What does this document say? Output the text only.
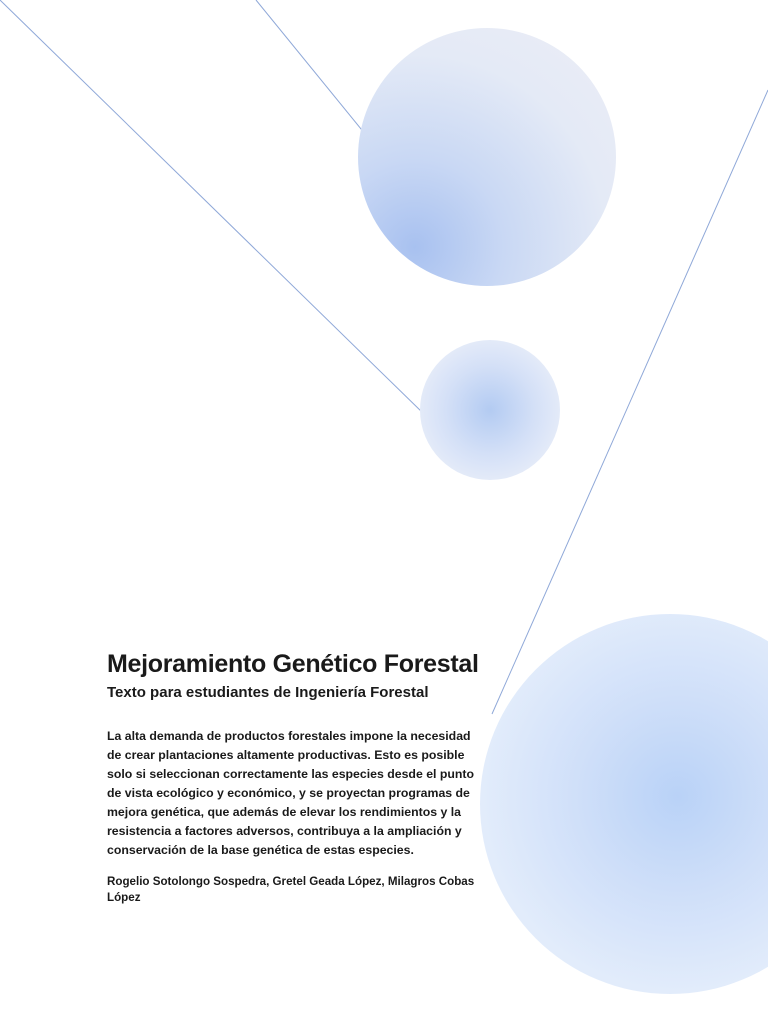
Mejoramiento Genético Forestal
Texto para estudiantes de Ingeniería Forestal

La alta demanda de productos forestales impone la necesidad
de crear plantaciones altamente productivas. Esto es posible
solo si seleccionan correctamente las especies desde el punto
de vista ecológico y económico, y se proyectan programas de
mejora genética, que además de elevar los rendimientos y la
resistencia a factores adversos, contribuya a la ampliación y
conservación de la base genética de estas especies.

Rogelio Sotolongo Sospedra, Gretel Geada López, Milagros Cobas
López
